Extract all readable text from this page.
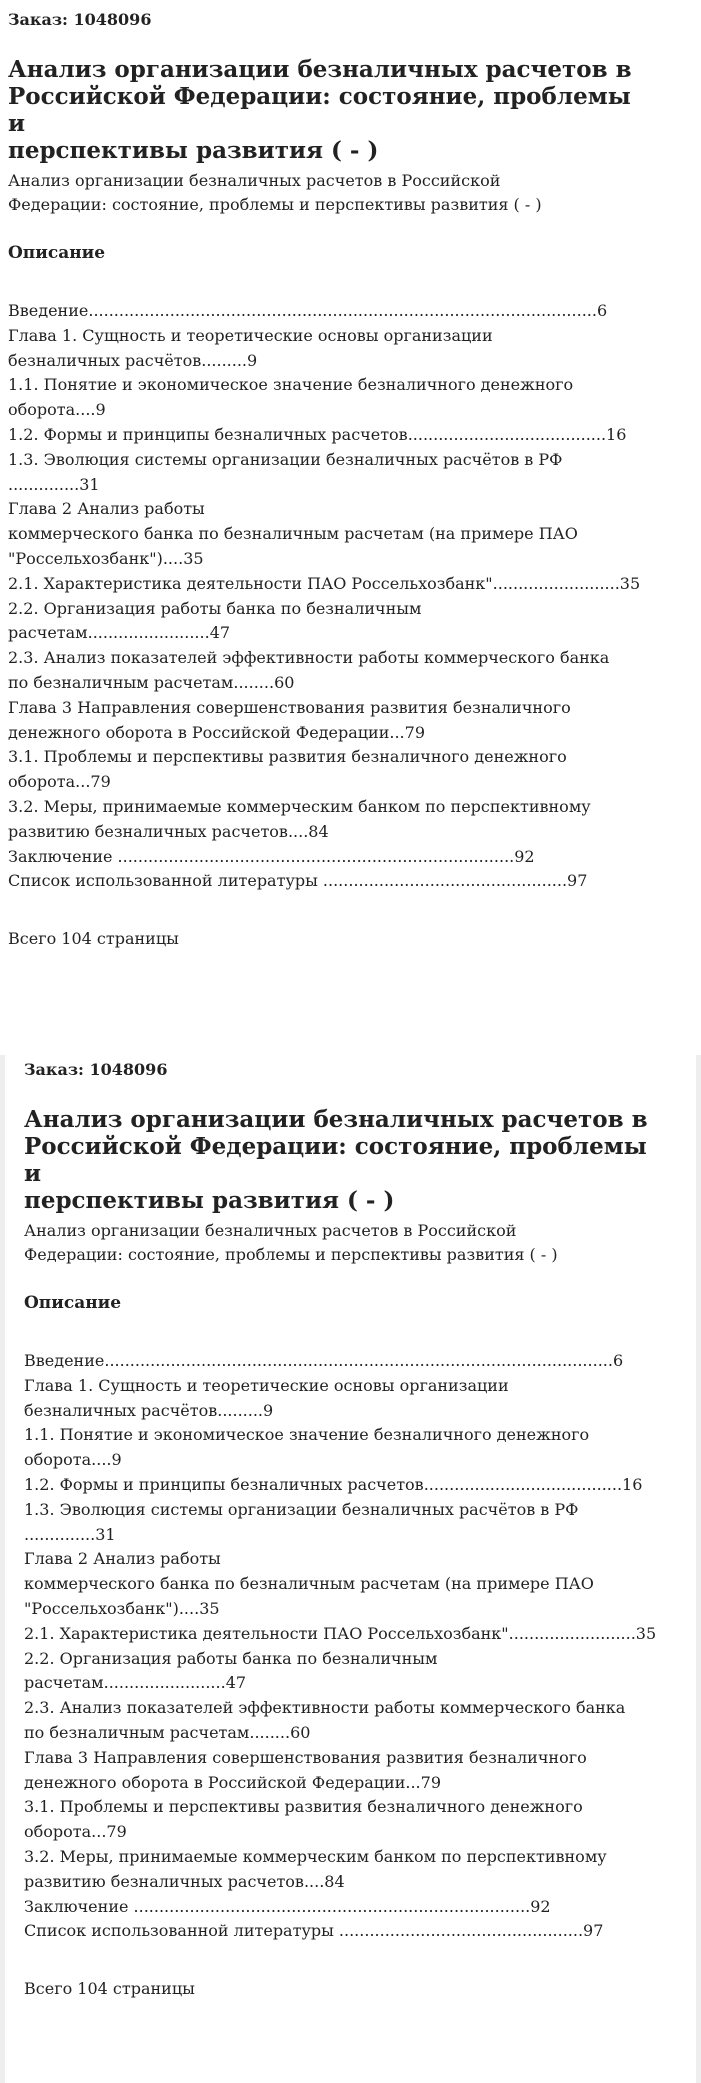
Заказ: 1048096
Анализ организации безналичных расчетов в
Российской Федерации: состояние, проблемы и
перспективы развития ( - )
Анализ организации безналичных расчетов в Российской
Федерации: состояние, проблемы и перспективы развития ( - )
Описание
Введение....................................................................................................6
Глава 1. Сущность и теоретические основы организации
безналичных расчётов.........9
1.1. Понятие и экономическое значение безналичного денежного
оборота....9
1.2. Формы и принципы безналичных расчетов.......................................16
1.3. Эволюция системы организации безналичных расчётов в РФ
..............31
Глава 2 Анализ работы
коммерческого банка по безналичным расчетам (на примере ПАО
"Россельхозбанк")....35
2.1. Характеристика деятельности ПАО Россельхозбанк".........................35
2.2. Организация работы банка по безналичным
расчетам........................47
2.3. Анализ показателей эффективности работы коммерческого банка
по безналичным расчетам........60
Глава 3 Направления совершенствования развития безналичного
денежного оборота в Российской Федерации...79
3.1. Проблемы и перспективы развития безналичного денежного
оборота...79
3.2. Меры, принимаемые коммерческим банком по перспективному
развитию безналичных расчетов....84
Заключение ..............................................................................92
Список использованной литературы ................................................97
Всего 104 страницы
Заказ: 1048096
Анализ организации безналичных расчетов в
Российской Федерации: состояние, проблемы и
перспективы развития ( - )
Анализ организации безналичных расчетов в Российской
Федерации: состояние, проблемы и перспективы развития ( - )
Описание
Введение....................................................................................................6
Глава 1. Сущность и теоретические основы организации
безналичных расчётов.........9
1.1. Понятие и экономическое значение безналичного денежного
оборота....9
1.2. Формы и принципы безналичных расчетов.......................................16
1.3. Эволюция системы организации безналичных расчётов в РФ
..............31
Глава 2 Анализ работы
коммерческого банка по безналичным расчетам (на примере ПАО
"Россельхозбанк")....35
2.1. Характеристика деятельности ПАО Россельхозбанк".........................35
2.2. Организация работы банка по безналичным
расчетам........................47
2.3. Анализ показателей эффективности работы коммерческого банка
по безналичным расчетам........60
Глава 3 Направления совершенствования развития безналичного
денежного оборота в Российской Федерации...79
3.1. Проблемы и перспективы развития безналичного денежного
оборота...79
3.2. Меры, принимаемые коммерческим банком по перспективному
развитию безналичных расчетов....84
Заключение ..............................................................................92
Список использованной литературы ................................................97
Всего 104 страницы
